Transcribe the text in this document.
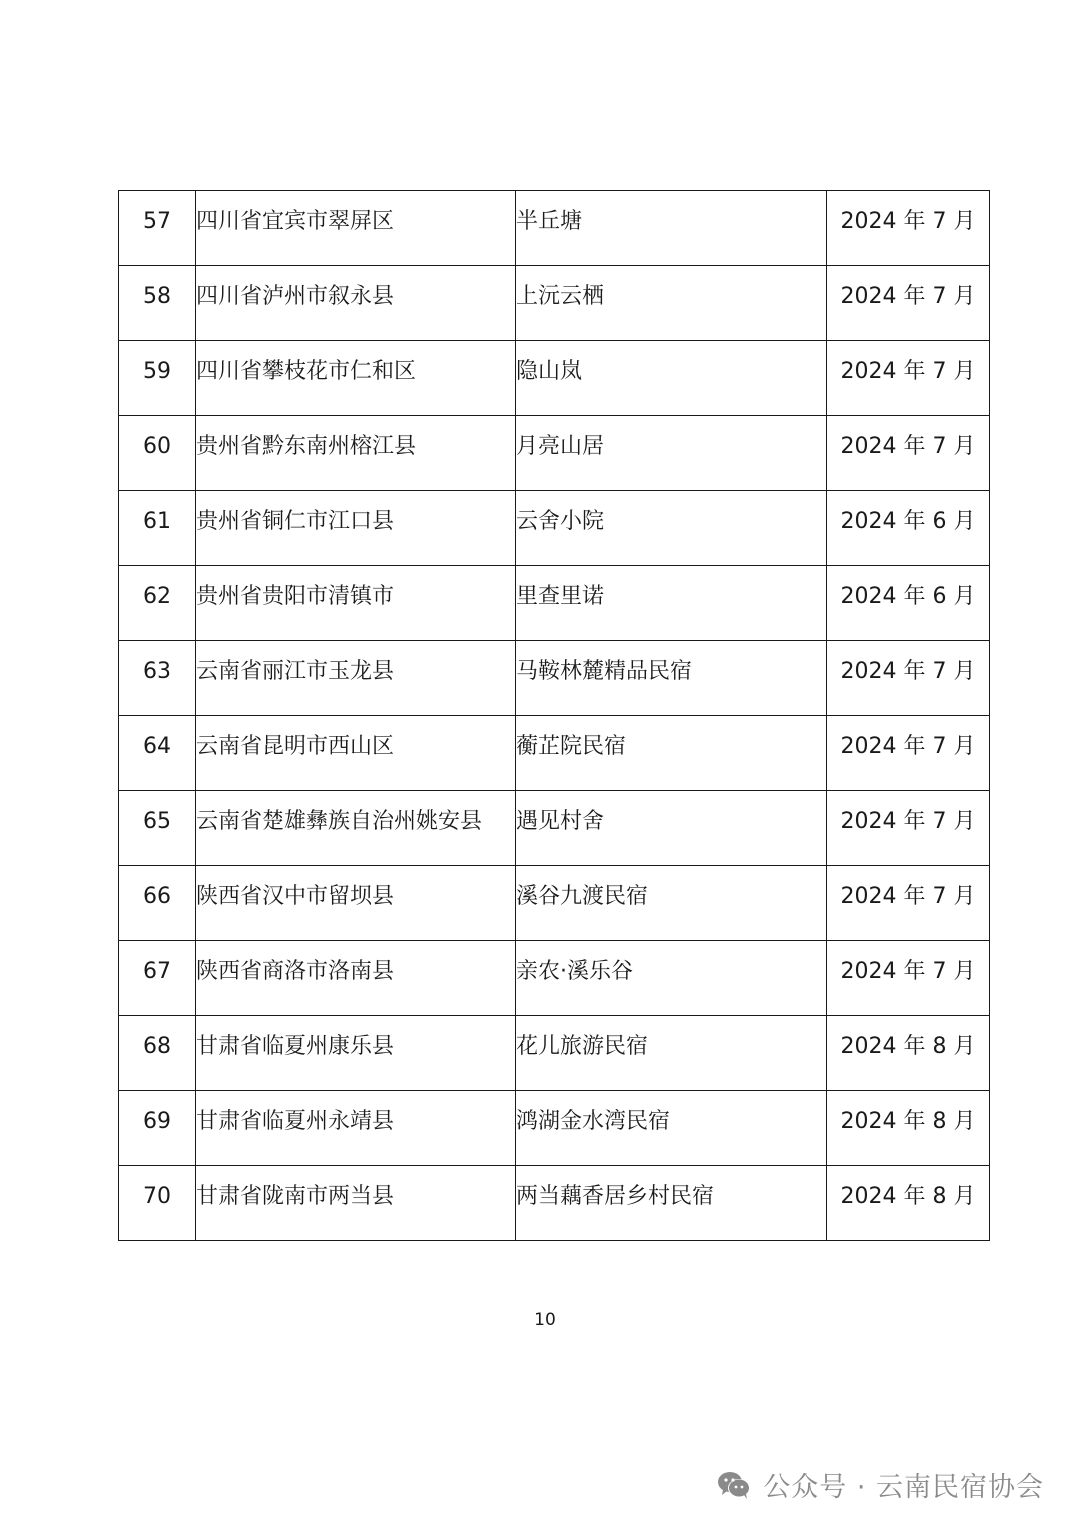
57	四川省宜宾市翠屏区	半丘塘	2024 年 7 月
58	四川省泸州市叙永县	上沅云栖	2024 年 7 月
59	四川省攀枝花市仁和区	隐山岚	2024 年 7 月
60	贵州省黔东南州榕江县	月亮山居	2024 年 7 月
61	贵州省铜仁市江口县	云舍小院	2024 年 6 月
62	贵州省贵阳市清镇市	里查里诺	2024 年 6 月
63	云南省丽江市玉龙县	马鞍林麓精品民宿	2024 年 7 月
64	云南省昆明市西山区	蘅芷院民宿	2024 年 7 月
65	云南省楚雄彝族自治州姚安县	遇见村舍	2024 年 7 月
66	陕西省汉中市留坝县	溪谷九渡民宿	2024 年 7 月
67	陕西省商洛市洛南县	亲农·溪乐谷	2024 年 7 月
68	甘肃省临夏州康乐县	花儿旅游民宿	2024 年 8 月
69	甘肃省临夏州永靖县	鸿湖金水湾民宿	2024 年 8 月
70	甘肃省陇南市两当县	两当藕香居乡村民宿	2024 年 8 月
10
公众号 · 云南民宿协会
